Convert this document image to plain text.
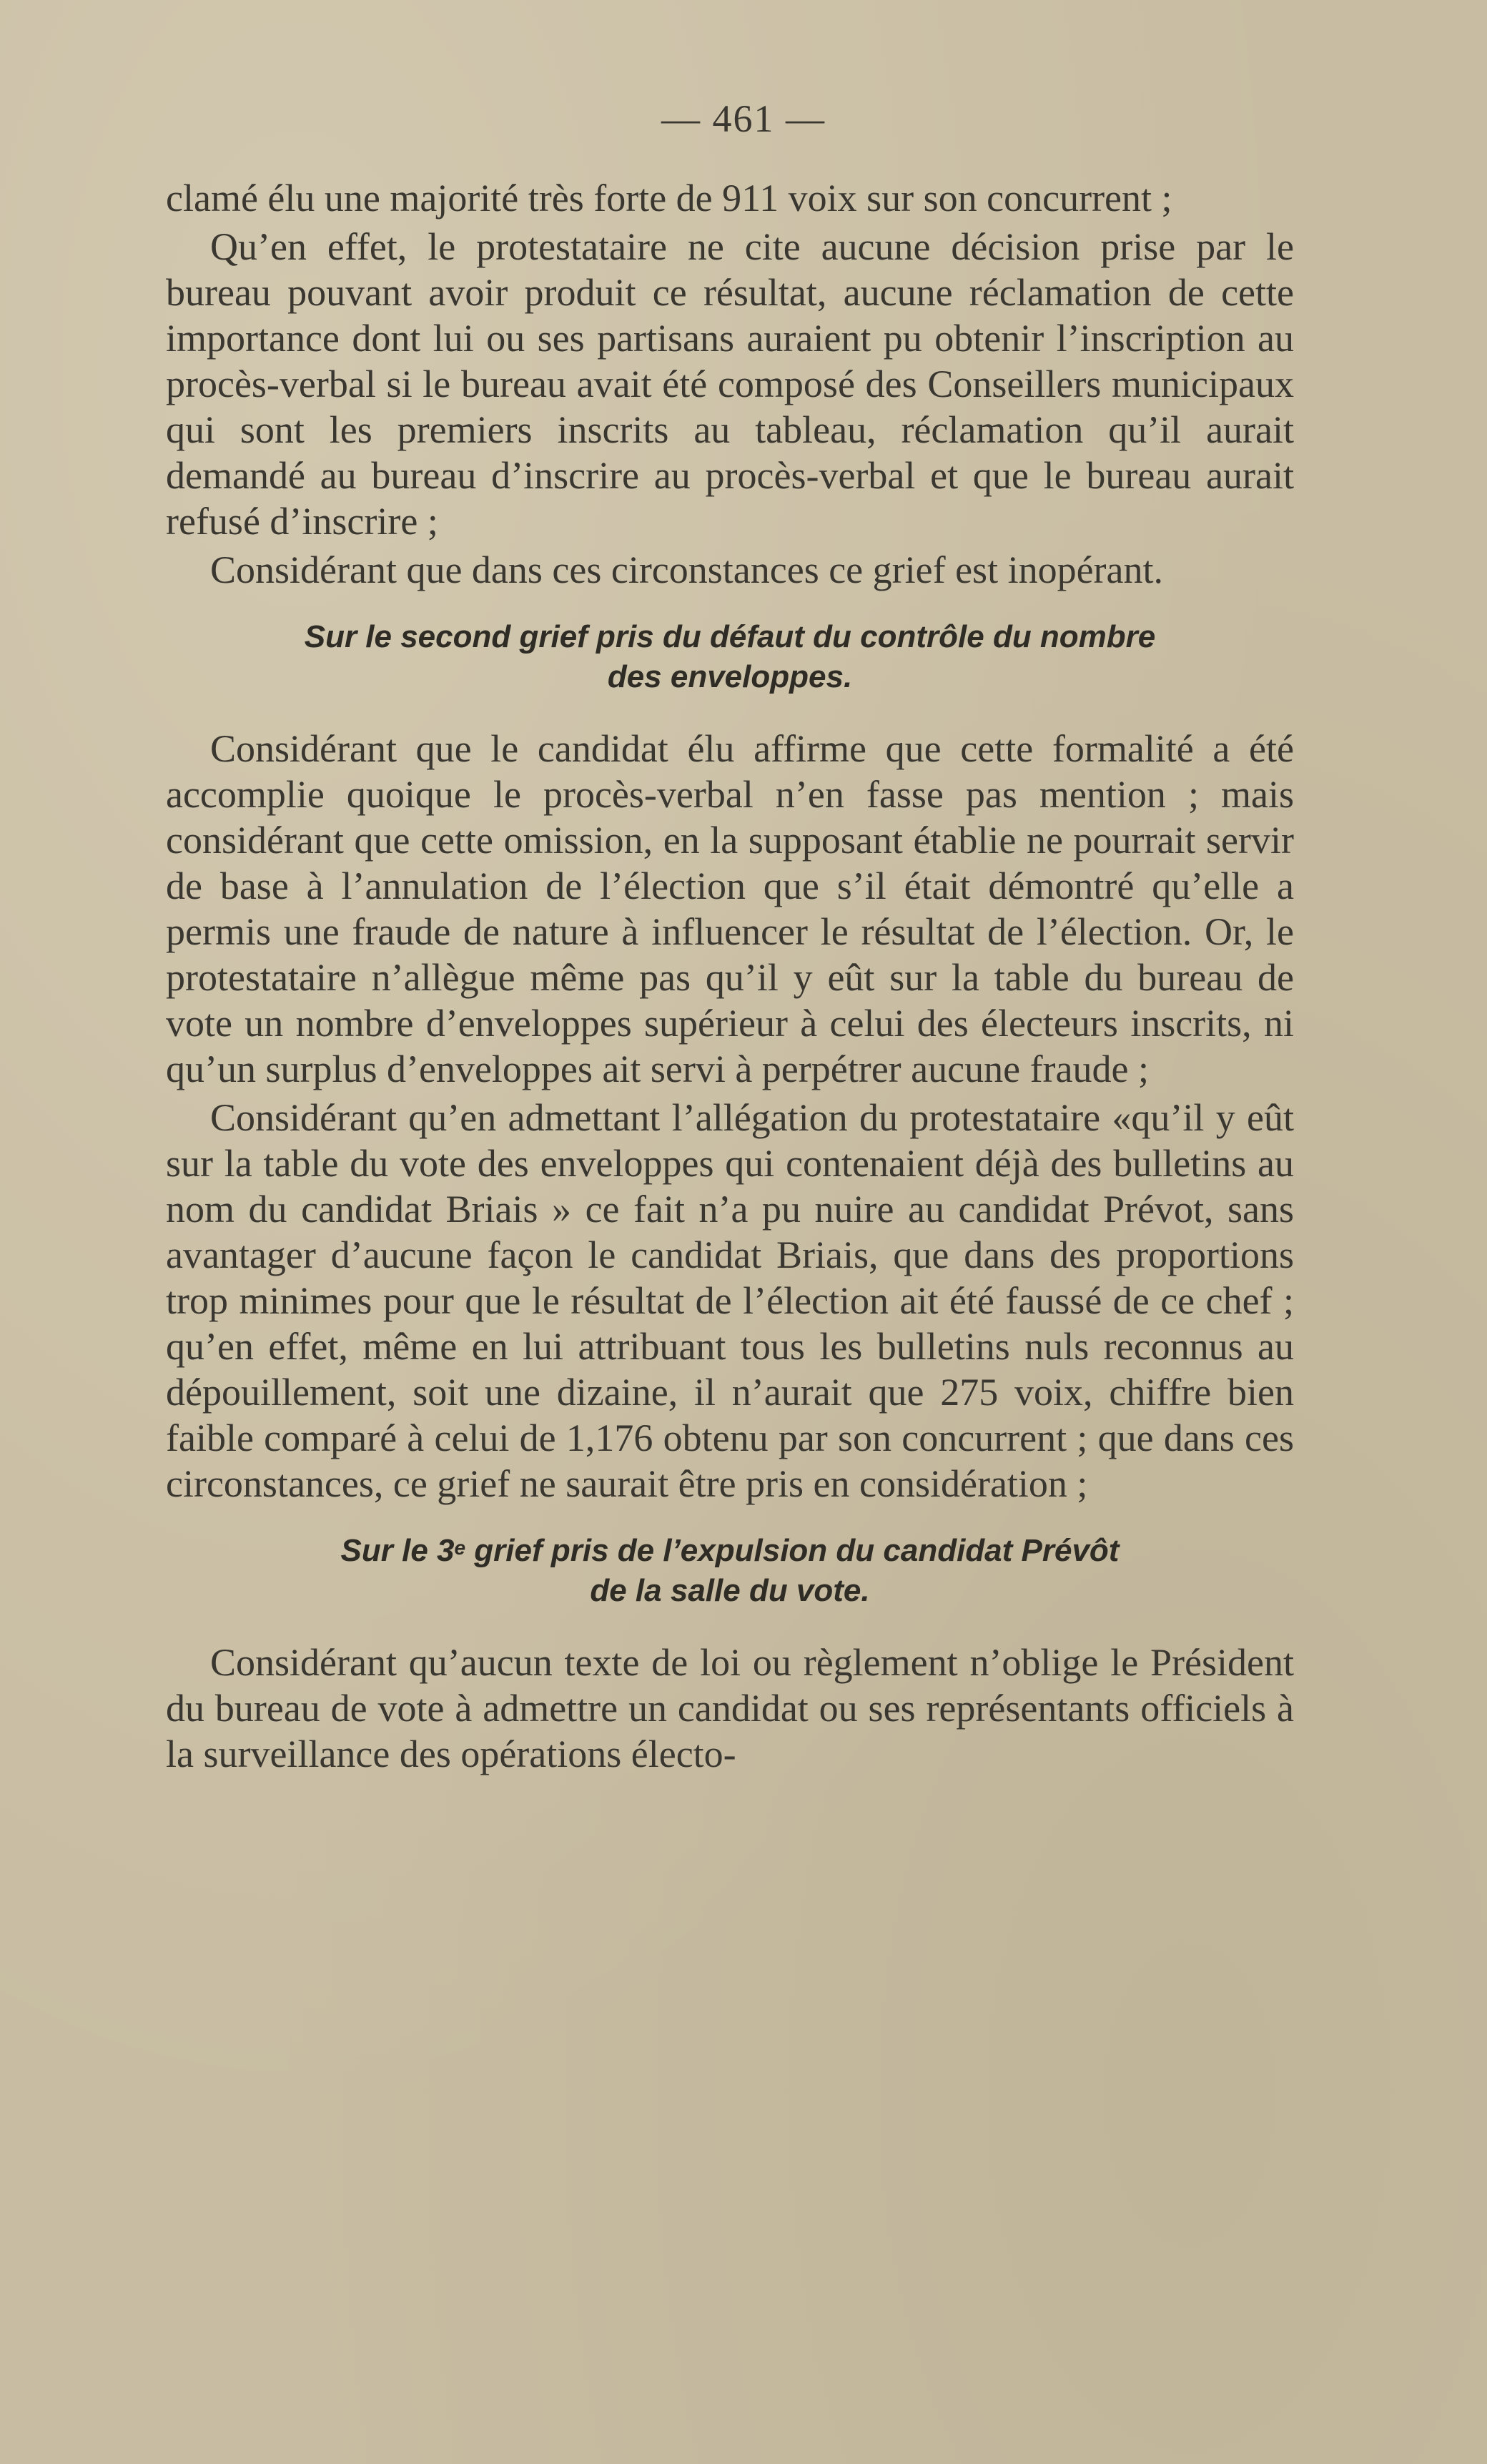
— 461 —

clamé élu une majorité très forte de 911 voix sur son concurrent ;

Qu’en effet, le protestataire ne cite aucune décision prise par le bureau pouvant avoir produit ce résultat, aucune réclamation de cette importance dont lui ou ses partisans auraient pu obtenir l’inscription au procès-verbal si le bureau avait été composé des Conseillers municipaux qui sont les premiers inscrits au tableau, réclamation qu’il aurait demandé au bureau d’inscrire au procès-verbal et que le bureau aurait refusé d’inscrire ;

Considérant que dans ces circonstances ce grief est inopérant.

Sur le second grief pris du défaut du contrôle du nombre
des enveloppes.

Considérant que le candidat élu affirme que cette formalité a été accomplie quoique le procès-verbal n’en fasse pas mention ; mais considérant que cette omission, en la supposant établie ne pourrait servir de base à l’annulation de l’élection que s’il était démontré qu’elle a permis une fraude de nature à influencer le résultat de l’élection. Or, le protestataire n’allègue même pas qu’il y eût sur la table du bureau de vote un nombre d’enveloppes supérieur à celui des électeurs inscrits, ni qu’un surplus d’enveloppes ait servi à perpétrer aucune fraude ;

Considérant qu’en admettant l’allégation du protestataire «qu’il y eût sur la table du vote des enveloppes qui contenaient déjà des bulletins au nom du candidat Briais » ce fait n’a pu nuire au candidat Prévot, sans avantager d’aucune façon le candidat Briais, que dans des proportions trop minimes pour que le résultat de l’élection ait été faussé de ce chef ; qu’en effet, même en lui attribuant tous les bulletins nuls reconnus au dépouillement, soit une dizaine, il n’aurait que 275 voix, chiffre bien faible comparé à celui de 1,176 obtenu par son concurrent ; que dans ces circonstances, ce grief ne saurait être pris en considération ;

Sur le 3e grief pris de l’expulsion du candidat Prévôt
de la salle du vote.

Considérant qu’aucun texte de loi ou règlement n’oblige le Président du bureau de vote à admettre un candidat ou ses représentants officiels à la surveillance des opérations électo-
